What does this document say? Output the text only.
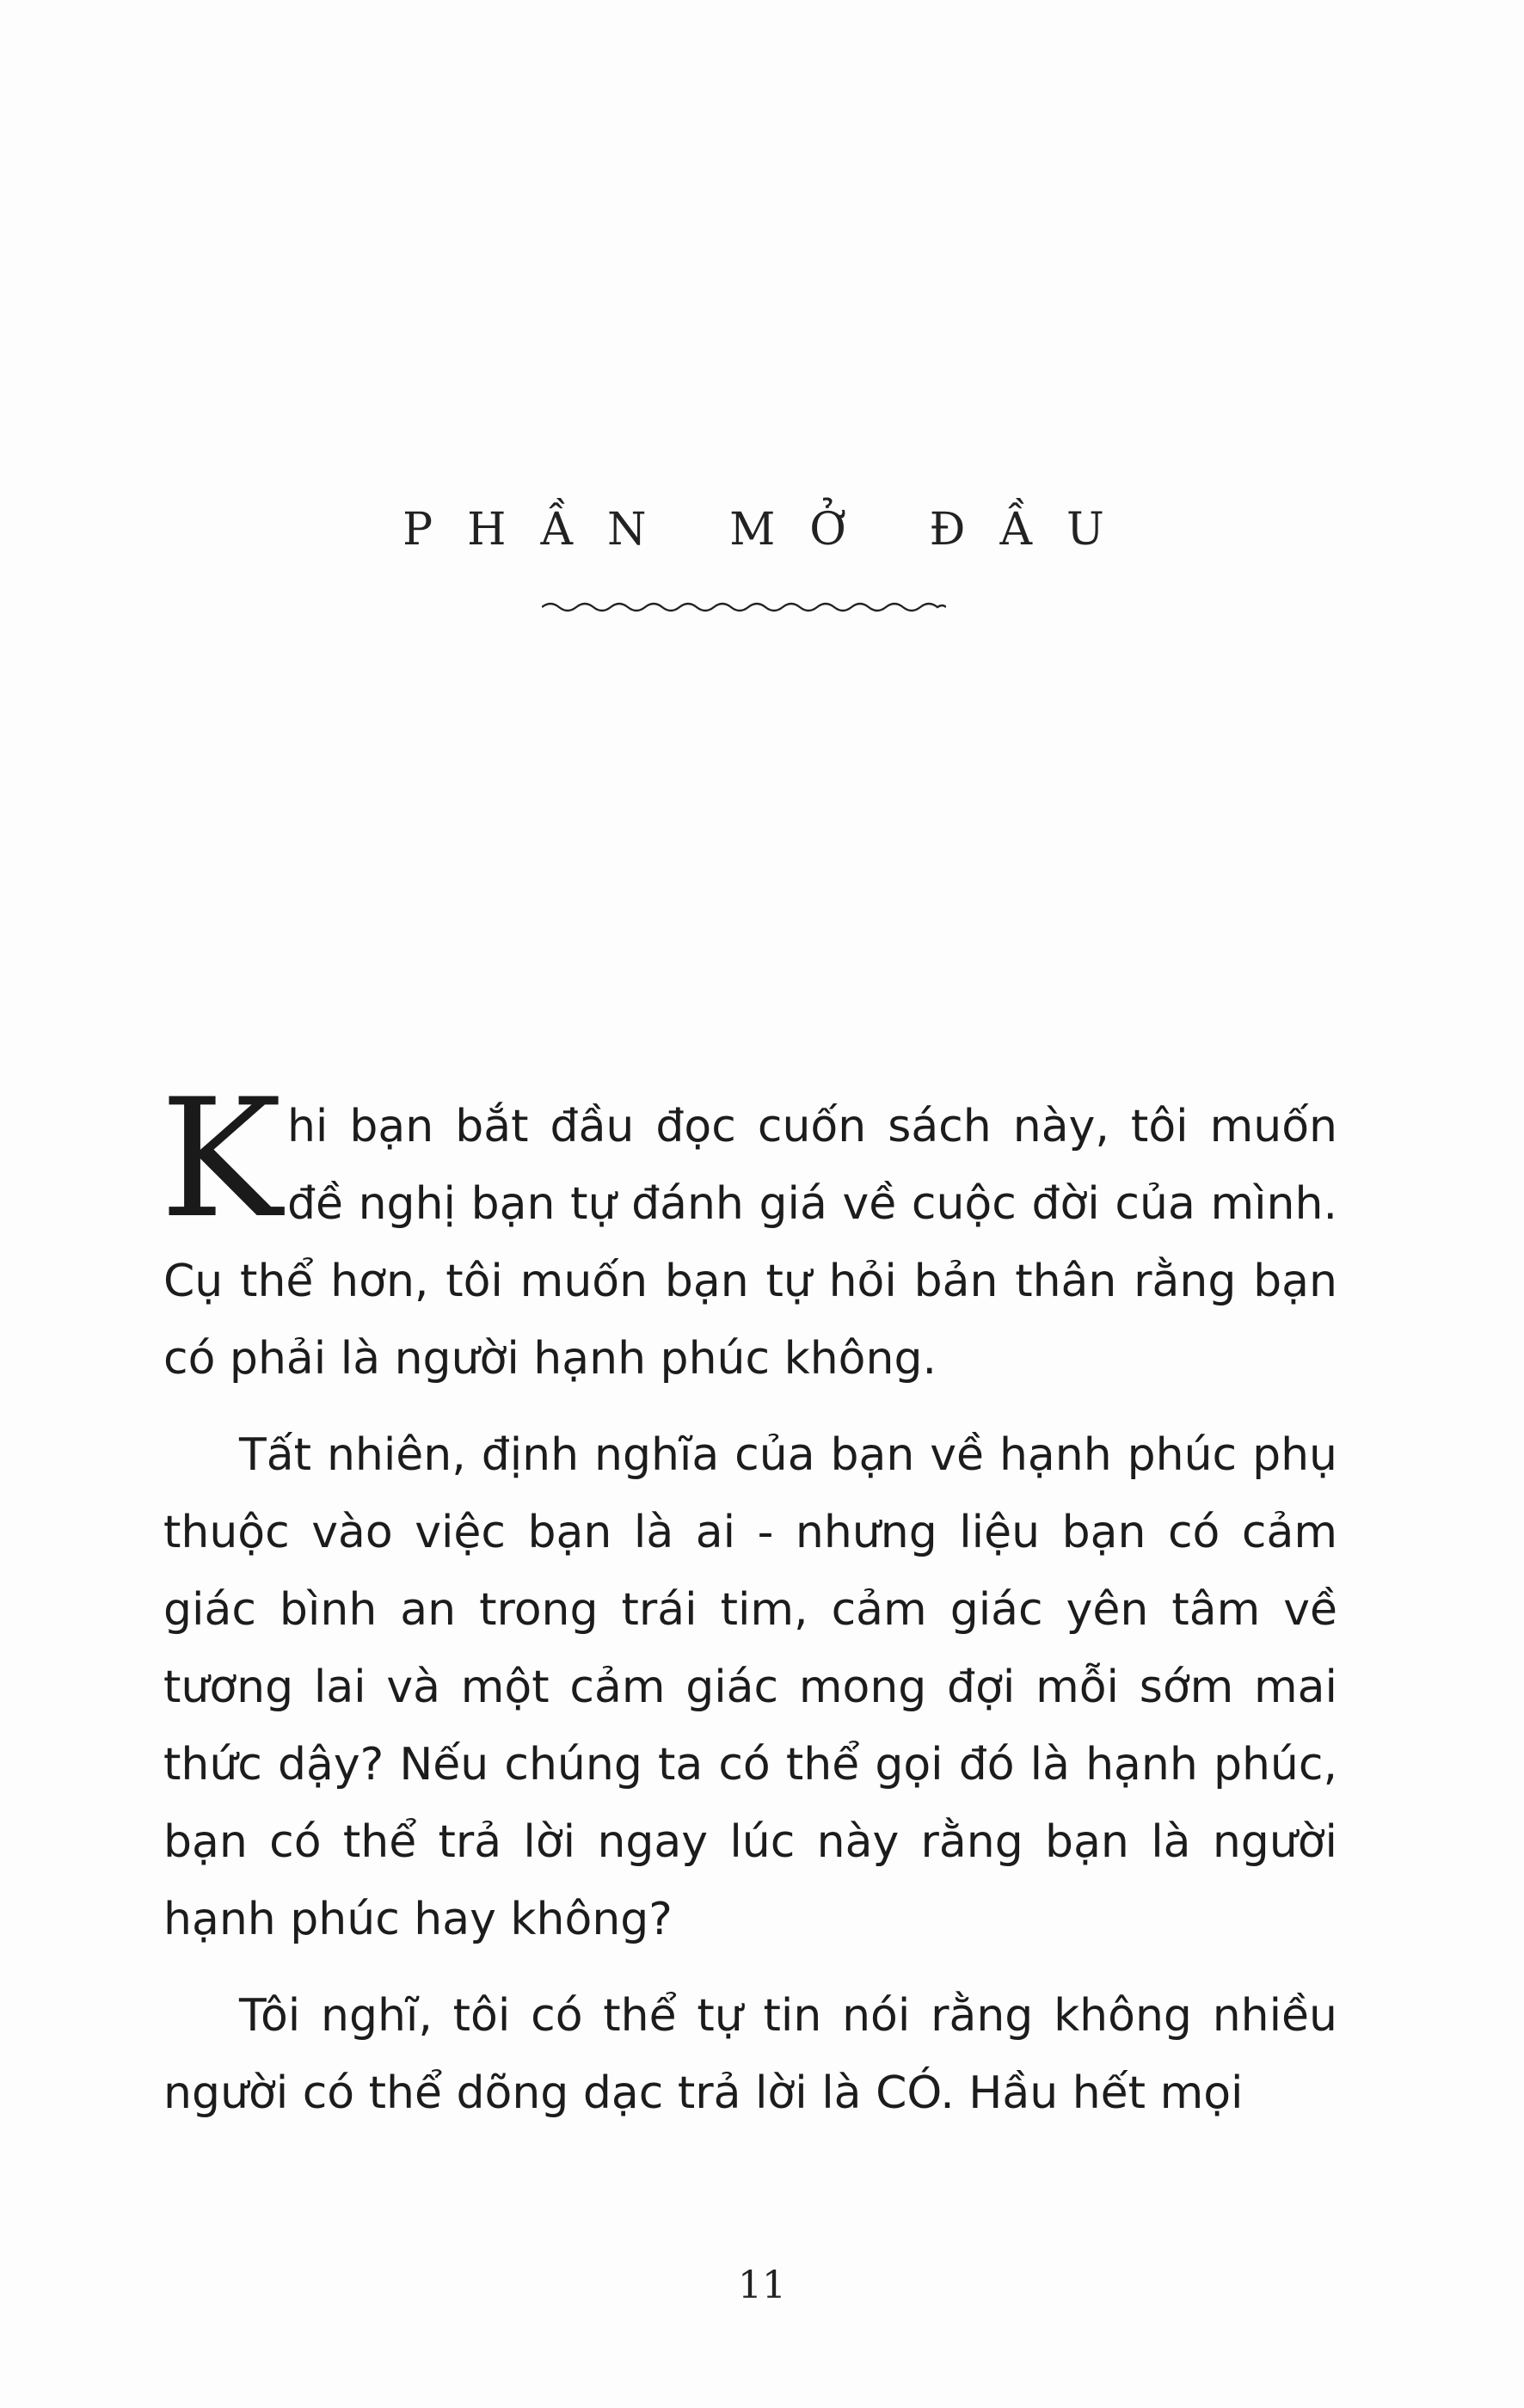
PHẦN MỞ ĐẦU

Khi bạn bắt đầu đọc cuốn sách này, tôi muốn đề nghị bạn tự đánh giá về cuộc đời của mình. Cụ thể hơn, tôi muốn bạn tự hỏi bản thân rằng bạn có phải là người hạnh phúc không.

Tất nhiên, định nghĩa của bạn về hạnh phúc phụ thuộc vào việc bạn là ai - nhưng liệu bạn có cảm giác bình an trong trái tim, cảm giác yên tâm về tương lai và một cảm giác mong đợi mỗi sớm mai thức dậy? Nếu chúng ta có thể gọi đó là hạnh phúc, bạn có thể trả lời ngay lúc này rằng bạn là người hạnh phúc hay không?

Tôi nghĩ, tôi có thể tự tin nói rằng không nhiều người có thể dõng dạc trả lời là CÓ. Hầu hết mọi

11
